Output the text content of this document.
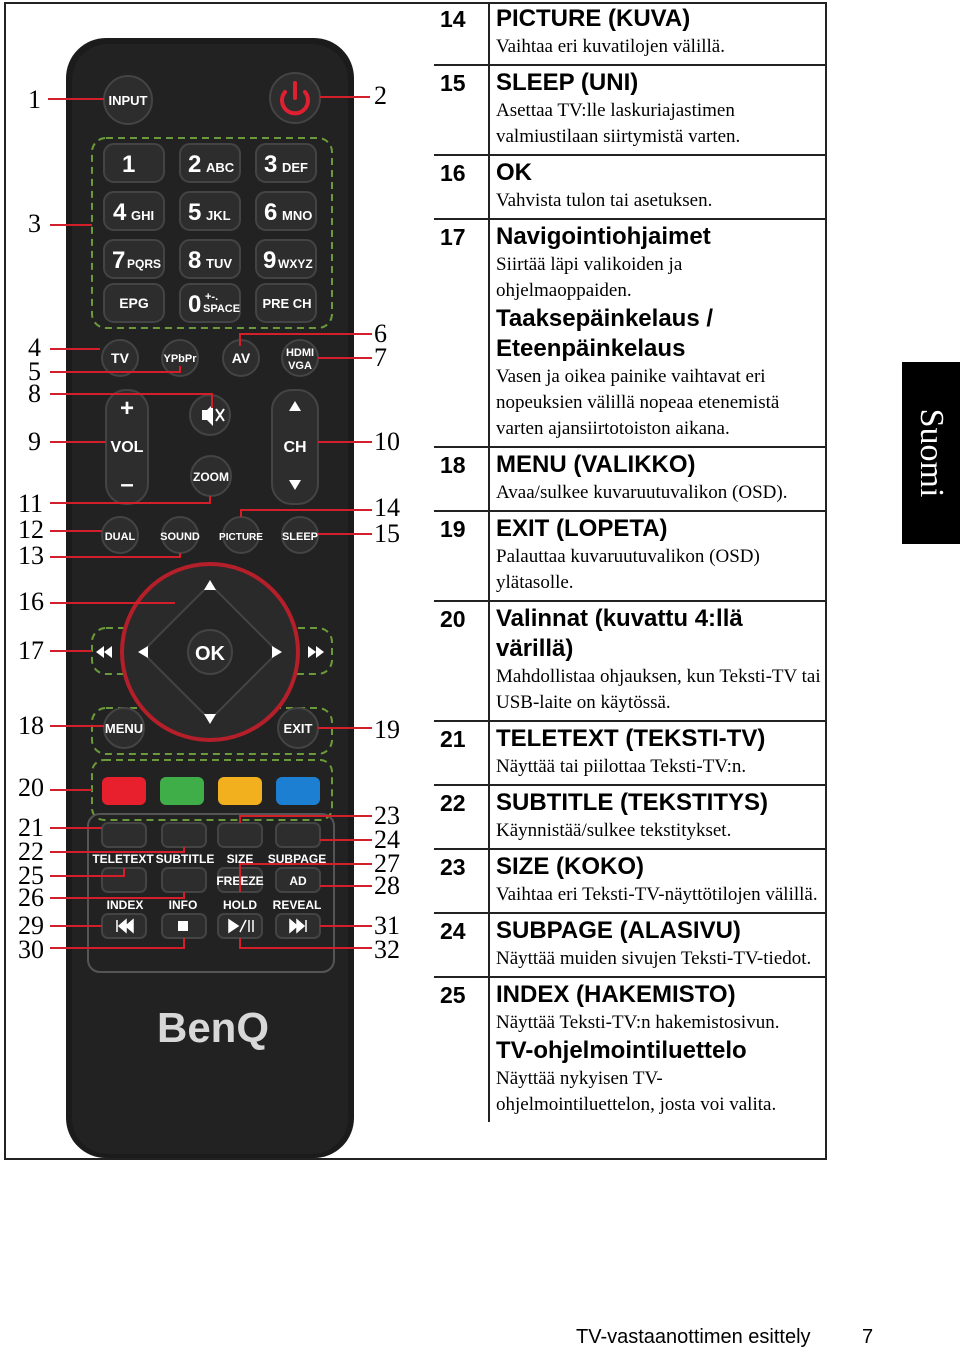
INPUT
1 2 ABC 3 DEF
4 GHI 5 JKL 6 MNO
7 PQRS 8 TUV 9 WXYZ
EPG 0 +-.
SPACE PRE CH
TV	YPbPr	AV	HDMI
VGA
+
VOL
–
CH
ZOOM
DUAL SOUND PICTURE SLEEP
OK
MENU	EXIT
TELETEXT SUBTITLE SIZE SUBPAGE
FREEZE AD
INDEX INFO HOLD REVEAL
BenQ
1	2
3
4
5
6
7
8
9	10
11
12
13
14
15
16
17
18	19
20
21
22
23
24
25
26
27
28
29
30
31
32
14	PICTURE (KUVA)
Vaihtaa eri kuvatilojen välillä.
15	SLEEP (UNI)
Asettaa TV:lle laskuriajastimen valmiustilaan siirtymistä varten.
16	OK
Vahvista tulon tai asetuksen.
17	Navigointiohjaimet
Siirtää läpi valikoiden ja ohjelmaoppaiden.
Taaksepäinkelaus / Eteenpäinkelaus
Vasen ja oikea painike vaihtavat eri nopeuksien välillä nopeaa etenemistä varten ajansiirtotoiston aikana.
18	MENU (VALIKKO)
Avaa/sulkee kuvaruutuvalikon (OSD).
19	EXIT (LOPETA)
Palauttaa kuvaruutuvalikon (OSD) ylätasolle.
20	Valinnat (kuvattu 4:llä värillä)
Mahdollistaa ohjauksen, kun Teksti-TV tai USB-laite on käytössä.
21	TELETEXT (TEKSTI-TV)
Näyttää tai piilottaa Teksti-TV:n.
22	SUBTITLE (TEKSTITYS)
Käynnistää/sulkee tekstitykset.
23	SIZE (KOKO)
Vaihtaa eri Teksti-TV-näyttötilojen välillä.
24	SUBPAGE (ALASIVU)
Näyttää muiden sivujen Teksti-TV-tiedot.
25	INDEX (HAKEMISTO)
Näyttää Teksti-TV:n hakemistosivun.
TV-ohjelmointiluettelo
Näyttää nykyisen TV-ohjelmointiluettelon, josta voi valita.
Suomi
TV-vastaanottimen esittely	7
